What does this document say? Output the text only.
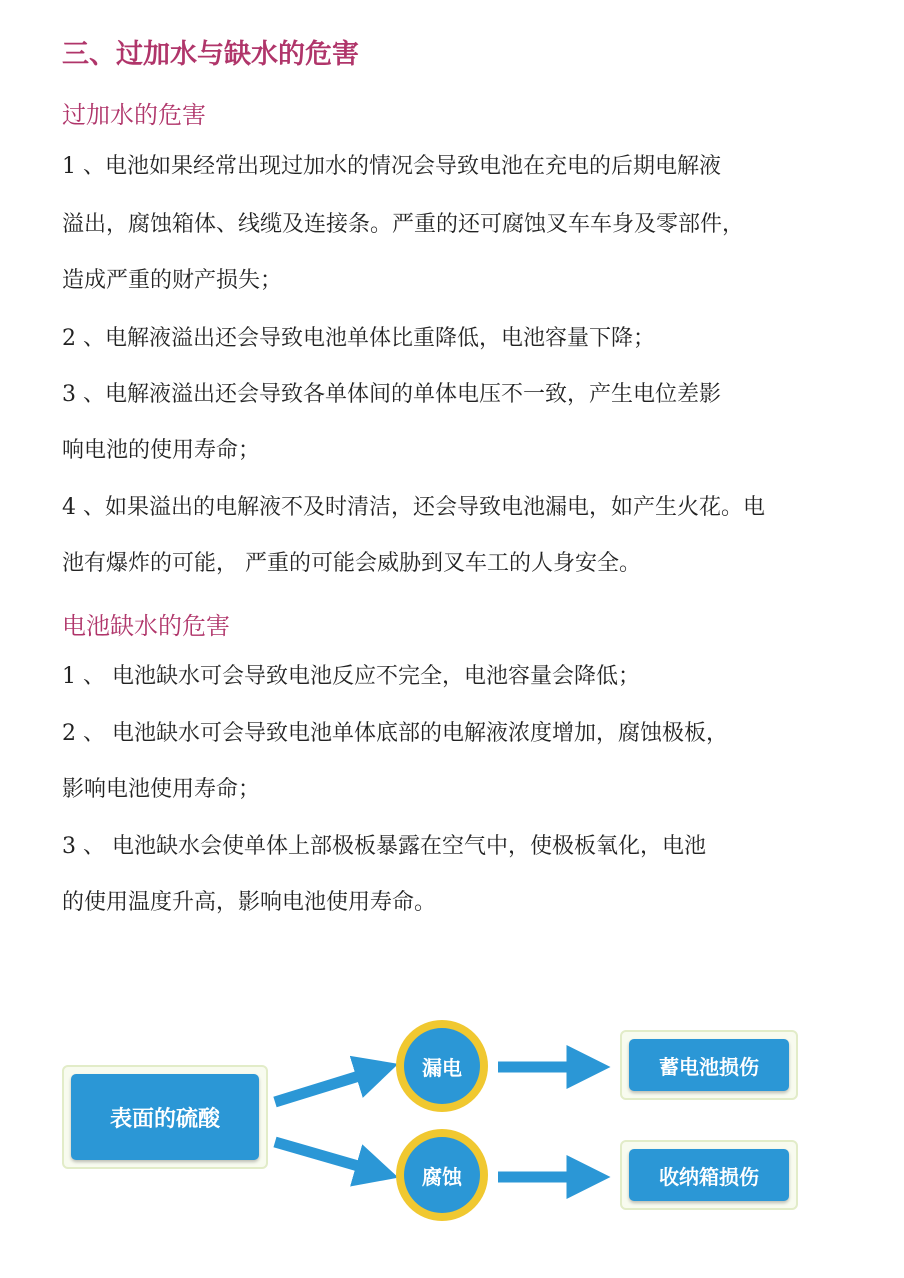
三、过加水与缺水的危害
过加水的危害
1 、电池如果经常出现过加水的情况会导致电池在充电的后期电解液
溢出，腐蚀箱体、线缆及连接条。严重的还可腐蚀叉车车身及零部件，
造成严重的财产损失；
2 、电解液溢出还会导致电池单体比重降低，电池容量下降；
3 、电解液溢出还会导致各单体间的单体电压不一致，产生电位差影
响电池的使用寿命；
4 、如果溢出的电解液不及时清洁，还会导致电池漏电，如产生火花。电
池有爆炸的可能， 严重的可能会威胁到叉车工的人身安全。
电池缺水的危害
1 、 电池缺水可会导致电池反应不完全，电池容量会降低；
2 、 电池缺水可会导致电池单体底部的电解液浓度增加，腐蚀极板，
影响电池使用寿命；
3 、 电池缺水会使单体上部极板暴露在空气中，使极板氧化，电池
的使用温度升高，影响电池使用寿命。
表面的硫酸
漏电
腐蚀
蓄电池损伤
收纳箱损伤
